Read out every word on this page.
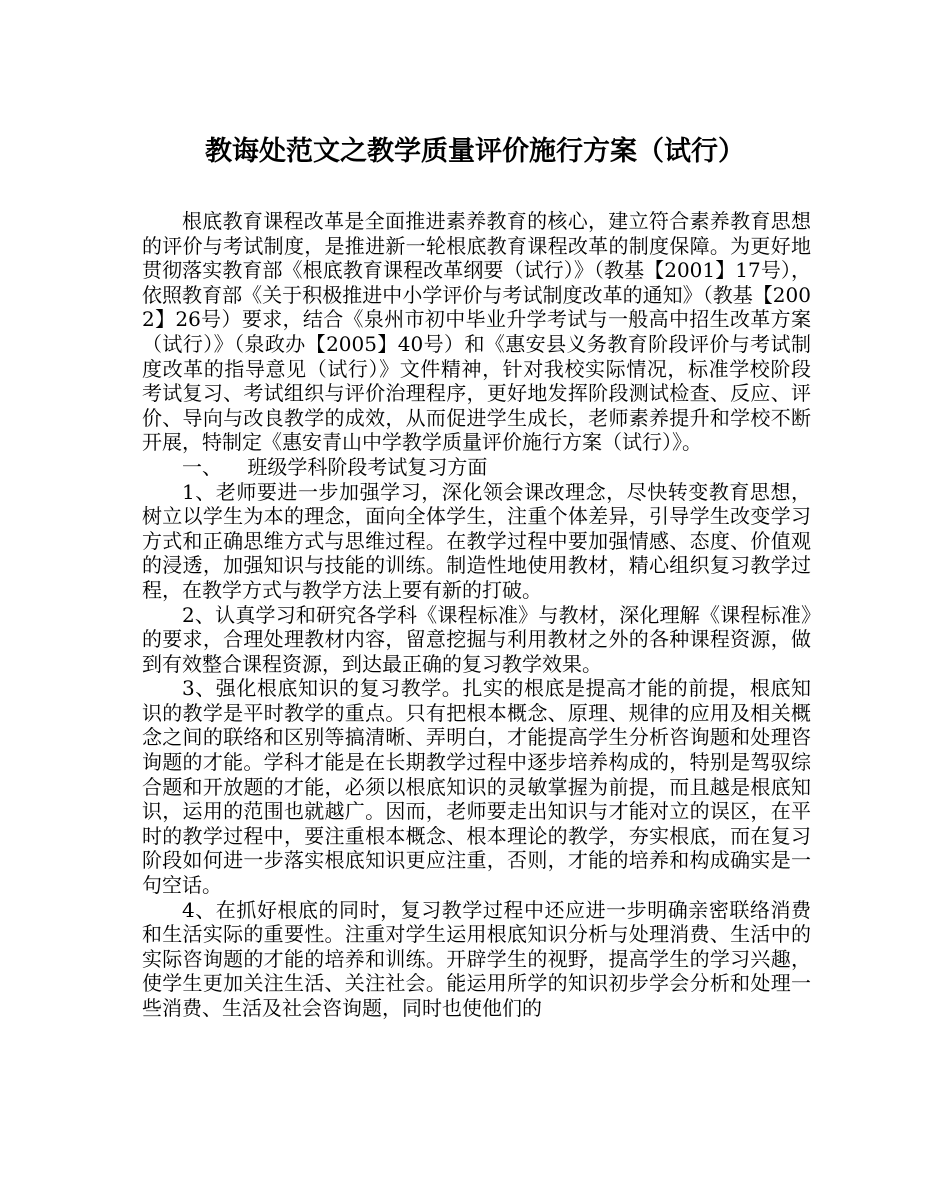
教诲处范文之教学质量评价施行方案（试行）

根底教育课程改革是全面推进素养教育的核心，建立符合素养教育思想的评价与考试制度，是推进新一轮根底教育课程改革的制度保障。为更好地贯彻落实教育部《根底教育课程改革纲要（试行）》（教基【2001】17号），依照教育部《关于积极推进中小学评价与考试制度改革的通知》（教基【2002】26号）要求，结合《泉州市初中毕业升学考试与一般高中招生改革方案（试行）》（泉政办【2005】40号）和《惠安县义务教育阶段评价与考试制度改革的指导意见（试行）》文件精神，针对我校实际情况，标准学校阶段考试复习、考试组织与评价治理程序，更好地发挥阶段测试检查、反应、评价、导向与改良教学的成效，从而促进学生成长，老师素养提升和学校不断开展，特制定《惠安青山中学教学质量评价施行方案（试行）》。

一、    班级学科阶段考试复习方面

1、老师要进一步加强学习，深化领会课改理念，尽快转变教育思想，树立以学生为本的理念，面向全体学生，注重个体差异，引导学生改变学习方式和正确思维方式与思维过程。在教学过程中要加强情感、态度、价值观的浸透，加强知识与技能的训练。制造性地使用教材，精心组织复习教学过程，在教学方式与教学方法上要有新的打破。

2、认真学习和研究各学科《课程标准》与教材，深化理解《课程标准》的要求，合理处理教材内容，留意挖掘与利用教材之外的各种课程资源，做到有效整合课程资源，到达最正确的复习教学效果。

3、强化根底知识的复习教学。扎实的根底是提高才能的前提，根底知识的教学是平时教学的重点。只有把根本概念、原理、规律的应用及相关概念之间的联络和区别等搞清晰、弄明白，才能提高学生分析咨询题和处理咨询题的才能。学科才能是在长期教学过程中逐步培养构成的，特别是驾驭综合题和开放题的才能，必须以根底知识的灵敏掌握为前提，而且越是根底知识，运用的范围也就越广。因而，老师要走出知识与才能对立的误区，在平时的教学过程中，要注重根本概念、根本理论的教学，夯实根底，而在复习阶段如何进一步落实根底知识更应注重，否则，才能的培养和构成确实是一句空话。

4、在抓好根底的同时，复习教学过程中还应进一步明确亲密联络消费和生活实际的重要性。注重对学生运用根底知识分析与处理消费、生活中的实际咨询题的才能的培养和训练。开辟学生的视野，提高学生的学习兴趣，使学生更加关注生活、关注社会。能运用所学的知识初步学会分析和处理一些消费、生活及社会咨询题，同时也使他们的
